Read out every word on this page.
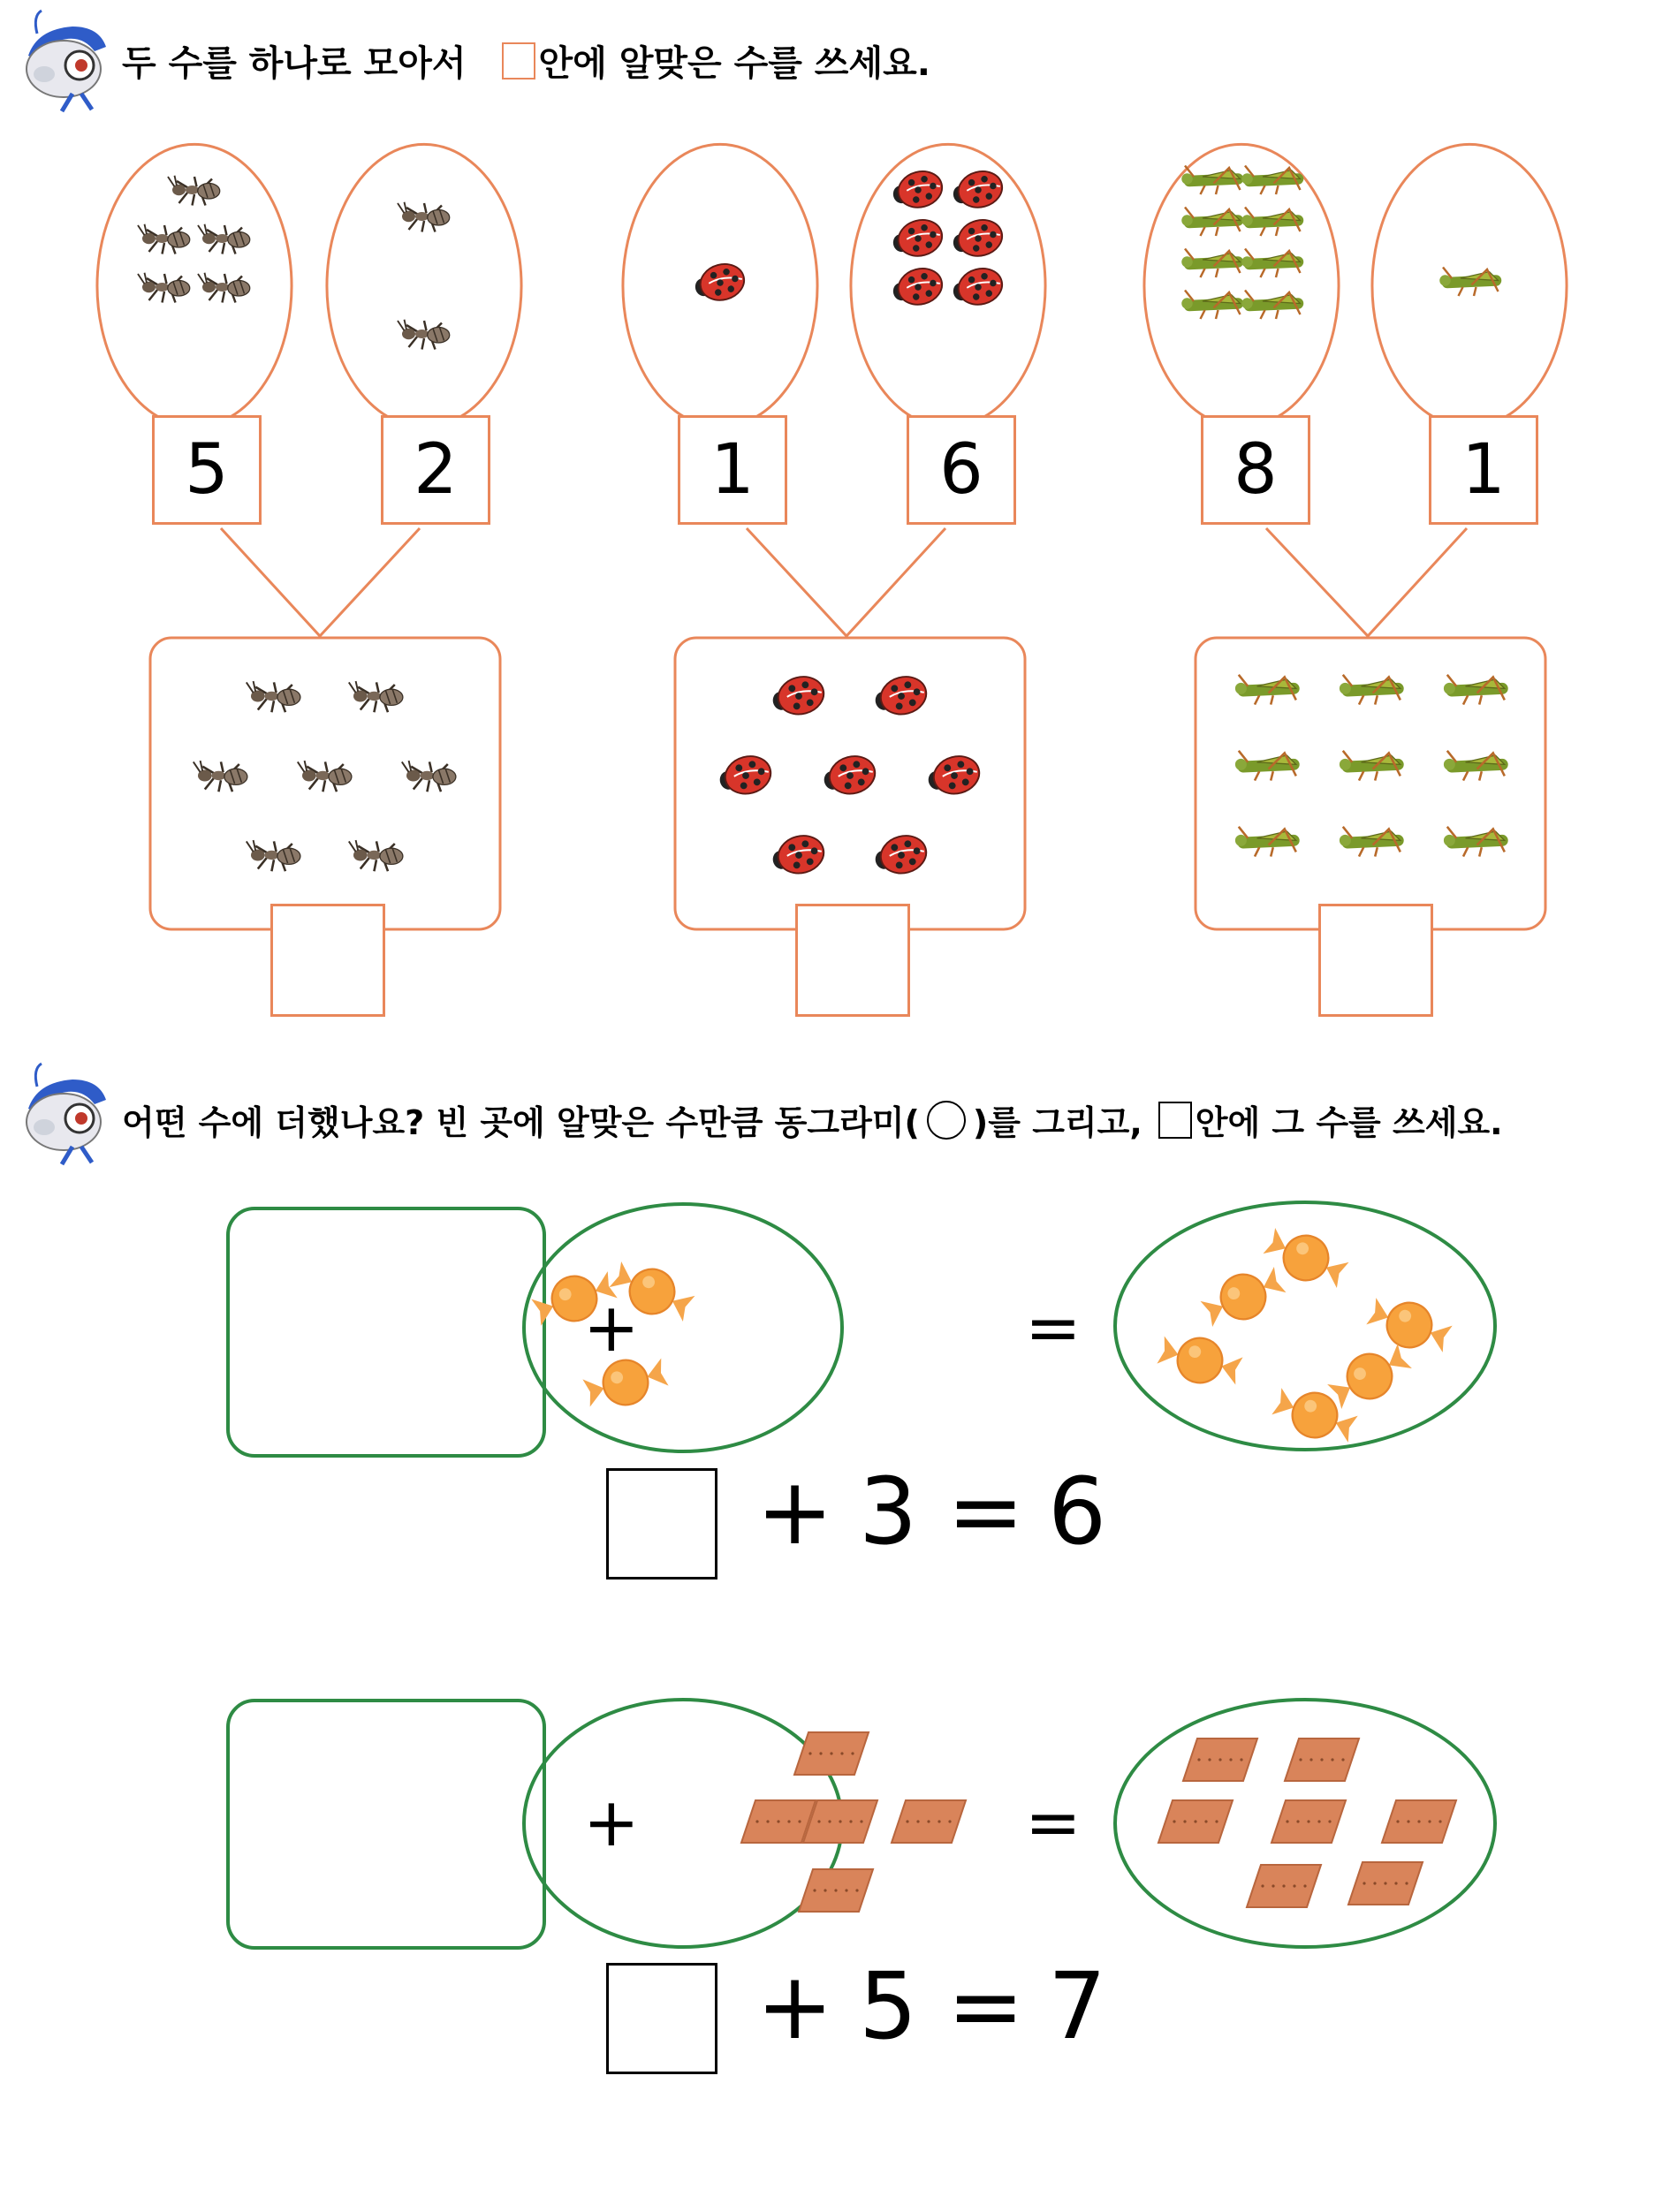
두 수를 하나로 모아서 안에 알맞은 수를 쓰세요.
어떤 수에 더했나요? 빈 곳에 알맞은 수만큼 동그라미( )를 그리고, 안에 그 수를 쓰세요.
5	2	1	6	8	1
+	=
+	=
+ 3 = 6
+ 5 = 7
